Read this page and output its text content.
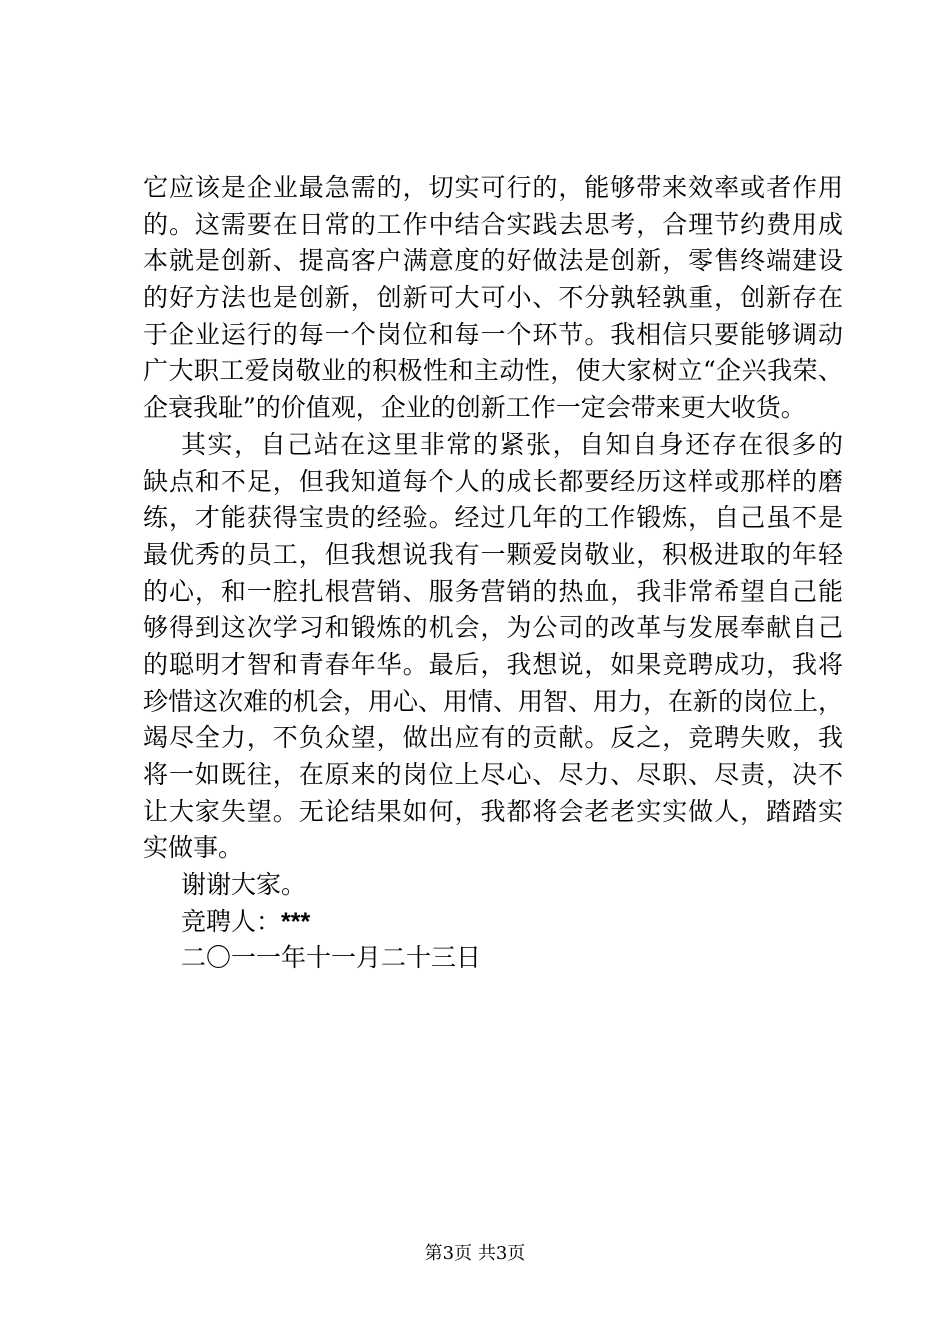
它应该是企业最急需的，切实可行的，能够带来效率或者作用
的。这需要在日常的工作中结合实践去思考，合理节约费用成
本就是创新、提高客户满意度的好做法是创新，零售终端建设
的好方法也是创新，创新可大可小、不分孰轻孰重，创新存在
于企业运行的每一个岗位和每一个环节。我相信只要能够调动
广大职工爱岗敬业的积极性和主动性，使大家树立“企兴我荣、
企衰我耻”的价值观，企业的创新工作一定会带来更大收货。
其实，自己站在这里非常的紧张，自知自身还存在很多的
缺点和不足，但我知道每个人的成长都要经历这样或那样的磨
练，才能获得宝贵的经验。经过几年的工作锻炼，自己虽不是
最优秀的员工，但我想说我有一颗爱岗敬业，积极进取的年轻
的心，和一腔扎根营销、服务营销的热血，我非常希望自己能
够得到这次学习和锻炼的机会，为公司的改革与发展奉献自己
的聪明才智和青春年华。最后，我想说，如果竞聘成功，我将
珍惜这次难的机会，用心、用情、用智、用力，在新的岗位上，
竭尽全力，不负众望，做出应有的贡献。反之，竞聘失败，我
将一如既往，在原来的岗位上尽心、尽力、尽职、尽责，决不
让大家失望。无论结果如何，我都将会老老实实做人，踏踏实
实做事。
谢谢大家。
竞聘人：***
二〇一一年十一月二十三日
第3页 共3页
